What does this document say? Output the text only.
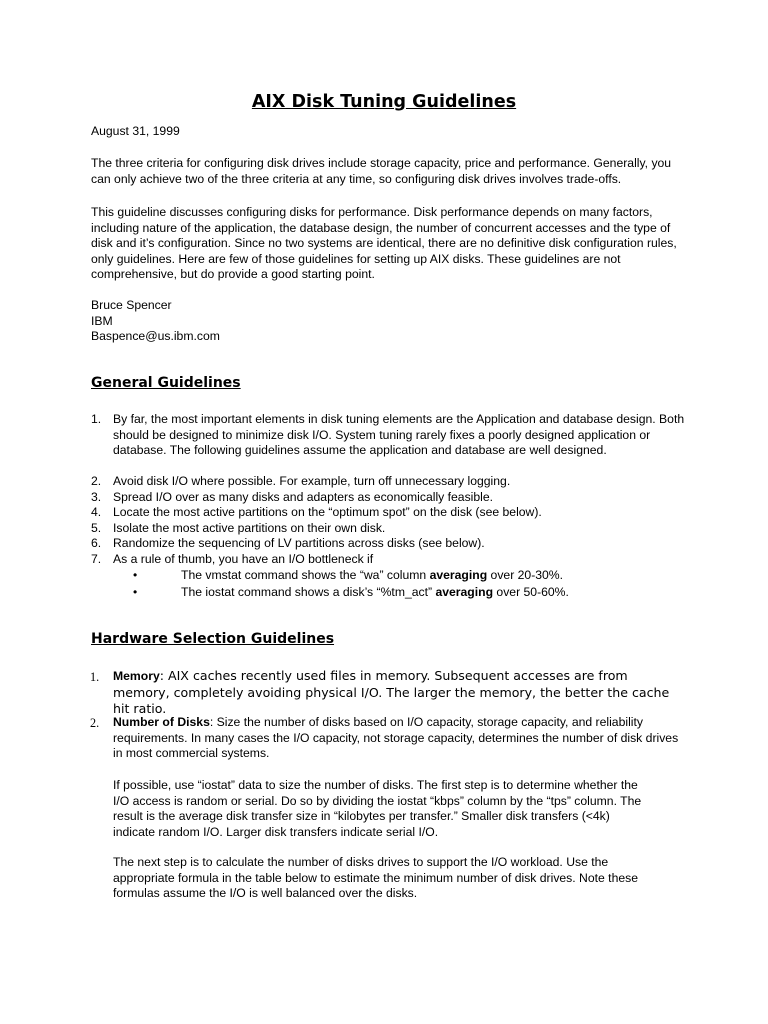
AIX Disk Tuning Guidelines
August 31, 1999

The three criteria for configuring disk drives include storage capacity, price and performance. Generally, you can only achieve two of the three criteria at any time, so configuring disk drives involves trade-offs.

This guideline discusses configuring disks for performance. Disk performance depends on many factors, including nature of the application, the database design, the number of concurrent accesses and the type of disk and it’s configuration. Since no two systems are identical, there are no definitive disk configuration rules, only guidelines. Here are few of those guidelines for setting up AIX disks. These guidelines are not comprehensive, but do provide a good starting point.

Bruce Spencer
IBM
Baspence@us.ibm.com
General Guidelines
1. By far, the most important elements in disk tuning elements are the Application and database design. Both should be designed to minimize disk I/O. System tuning rarely fixes a poorly designed application or database. The following guidelines assume the application and database are well designed.
2. Avoid disk I/O where possible. For example, turn off unnecessary logging.
3. Spread I/O over as many disks and adapters as economically feasible.
4. Locate the most active partitions on the “optimum spot” on the disk (see below).
5. Isolate the most active partitions on their own disk.
6. Randomize the sequencing of LV partitions across disks (see below).
7. As a rule of thumb, you have an I/O bottleneck if
•	The vmstat command shows the “wa” column averaging over 20-30%.
•	The iostat command shows a disk’s “%tm_act” averaging over 50-60%.
Hardware Selection Guidelines
1.	Memory: AIX caches recently used files in memory. Subsequent accesses are from memory, completely avoiding physical I/O. The larger the memory, the better the cache hit ratio.
2.	Number of Disks: Size the number of disks based on I/O capacity, storage capacity, and reliability requirements. In many cases the I/O capacity, not storage capacity, determines the number of disk drives in most commercial systems.

If possible, use “iostat” data to size the number of disks. The first step is to determine whether the I/O access is random or serial. Do so by dividing the iostat “kbps” column by the “tps” column. The result is the average disk transfer size in “kilobytes per transfer.” Smaller disk transfers (<4k) indicate random I/O. Larger disk transfers indicate serial I/O.

The next step is to calculate the number of disks drives to support the I/O workload. Use the appropriate formula in the table below to estimate the minimum number of disk drives. Note these formulas assume the I/O is well balanced over the disks.
